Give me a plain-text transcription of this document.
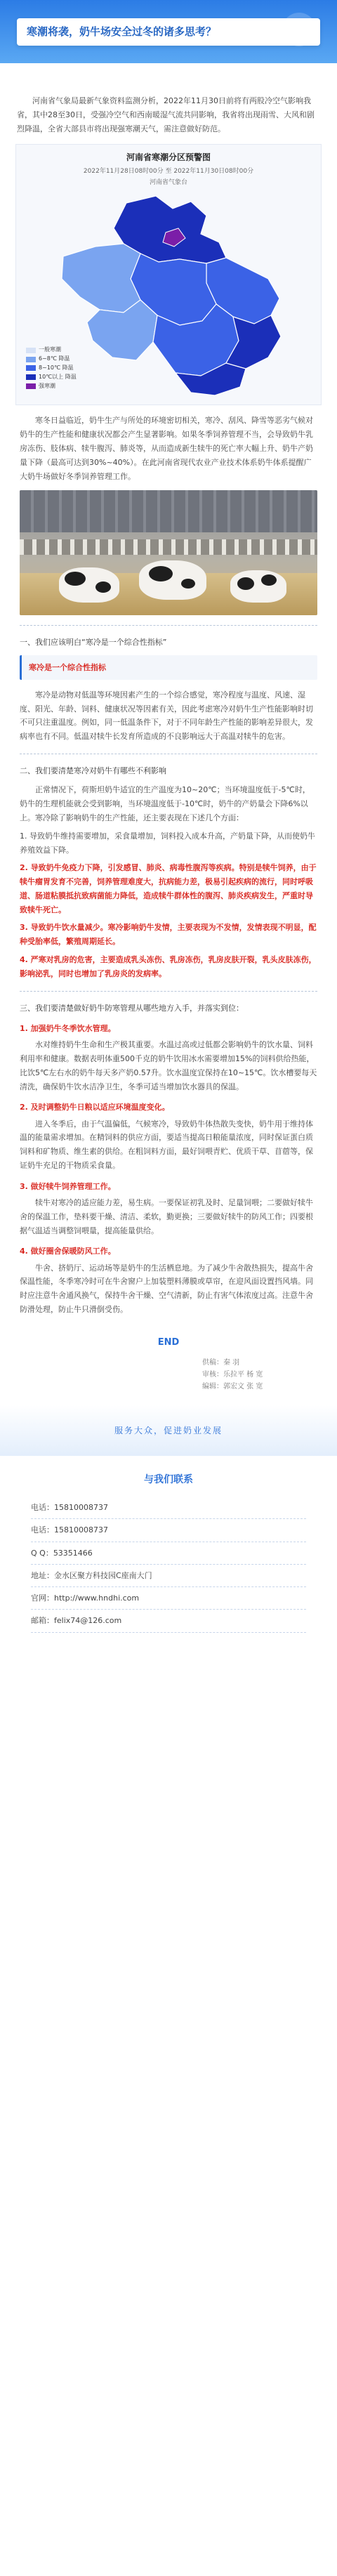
寒潮将袭，奶牛场安全过冬的诸多思考？

河南省气象局最新气象资料监测分析，2022年11月30日前将有两股冷空气影响我省，其中28至30日，受强冷空气和西南暖湿气流共同影响，我省将出现雨雪、大风和剧烈降温，全省大部县市将出现强寒潮天气，需注意做好防范。

河南省寒潮分区预警图
2022年11月28日08时00分 至 2022年11月30日08时00分
河南省气象台
一般寒潮
6~8℃ 降温
8~10℃ 降温
10℃以上 降温
强寒潮

寒冬日益临近，奶牛生产与所处的环境密切相关，寒冷、刮风、降雪等恶劣气候对奶牛的生产性能和健康状况都会产生显著影响。如果冬季饲养管理不当，会导致奶牛乳房冻伤、肢体病、犊牛腹泻、肺炎等，从而造成新生犊牛的死亡率大幅上升、奶牛产奶量下降（最高可达到30%~40%）。在此河南省现代农业产业技术体系奶牛体系提醒广大奶牛场做好冬季饲养管理工作。

一、我们应该明白“寒冷是一个综合性指标”
寒冷是一个综合性指标

寒冷是动物对低温等环境因素产生的一个综合感觉，寒冷程度与温度、风速、湿度、阳光、年龄、饲料、健康状况等因素有关，因此考虑寒冷对奶牛生产性能影响时切不可只注重温度。例如，同一低温条件下，对于不同年龄生产性能的影响差异很大，发病率也有不同。低温对犊牛长发育所造成的不良影响远大于高温对犊牛的危害。

二、我们要清楚寒冷对奶牛有哪些不利影响

正常情况下，荷斯坦奶牛适宜的生产温度为10~20℃；当环境温度低于-5℃时，奶牛的生理机能就会受到影响，当环境温度低于-10℃时，奶牛的产奶量会下降6%以上。寒冷除了影响奶牛的生产性能，还主要表现在下述几个方面：

1. 导致奶牛维持需要增加，采食量增加，饲料投入成本升高，产奶量下降，从而使奶牛养殖效益下降。

2. 导致奶牛免疫力下降，引发感冒、肺炎、病毒性腹泻等疾病。特别是犊牛饲养，由于犊牛瘤胃发育不完善，饲养管理难度大，抗病能力差，极易引起疾病的流行，同时呼吸道、肠道粘膜抵抗致病菌能力降低，造成犊牛群体性的腹泻、肺炎疾病发生，严重时导致犊牛死亡。

3. 导致奶牛饮水量减少。寒冷影响奶牛发情，主要表现为不发情，发情表现不明显，配种受胎率低，繁殖周期延长。

4. 严寒对乳房的危害，主要造成乳头冻伤、乳房冻伤，乳房皮肤开裂，乳头皮肤冻伤，影响泌乳，同时也增加了乳房炎的发病率。

三、我们要清楚做好奶牛防寒管理从哪些地方入手，并落实到位：
1. 加强奶牛冬季饮水管理。

水对维持奶牛生命和生产极其重要。水温过高或过低都会影响奶牛的饮水量、饲料利用率和健康。数据表明体重500千克的奶牛饮用冰水需要增加15%的饲料供给热能，比饮5℃左右水的奶牛每天多产奶0.57升。饮水温度宜保持在10~15℃。饮水槽要每天清洗，确保奶牛饮水洁净卫生，冬季可适当增加饮水器具的保温。

2. 及时调整奶牛日粮以适应环境温度变化。

进入冬季后，由于气温偏低，气候寒冷，导致奶牛体热散失变快，奶牛用于维持体温的能量需求增加。在精饲料的供应方面，要适当提高日粮能量浓度，同时保证蛋白质饲料和矿物质、维生素的供给。在粗饲料方面，最好饲喂青贮、优质干草、苜蓿等，保证奶牛充足的干物质采食量。

3. 做好犊牛饲养管理工作。

犊牛对寒冷的适应能力差，易生病。一要保证初乳及时、足量饲喂；二要做好犊牛舍的保温工作，垫料要干燥、清洁、柔软，勤更换；三要做好犊牛的防风工作；四要根据气温适当调整饲喂量，提高能量供给。

4. 做好圈舍保暖防风工作。

牛舍、挤奶厅、运动场等是奶牛的生活栖息地。为了减少牛舍散热损失，提高牛舍保温性能，冬季寒冷时可在牛舍窗户上加装塑料薄膜或草帘，在迎风面设置挡风墙。同时应注意牛舍通风换气，保持牛舍干燥、空气清新，防止有害气体浓度过高。注意牛舍防滑处理，防止牛只滑倒受伤。

END
供稿：秦 羽
审核：乐拉平 杨 宽
编辑：郭宏文 张 宽
服务大众，促进奶业发展
与我们联系
电话：15810008737
电话：15810008737
Q Q：53351466
地址：金水区聚方科技园C座南大门
官网：http://www.hndhi.com
邮箱：felix74@126.com
